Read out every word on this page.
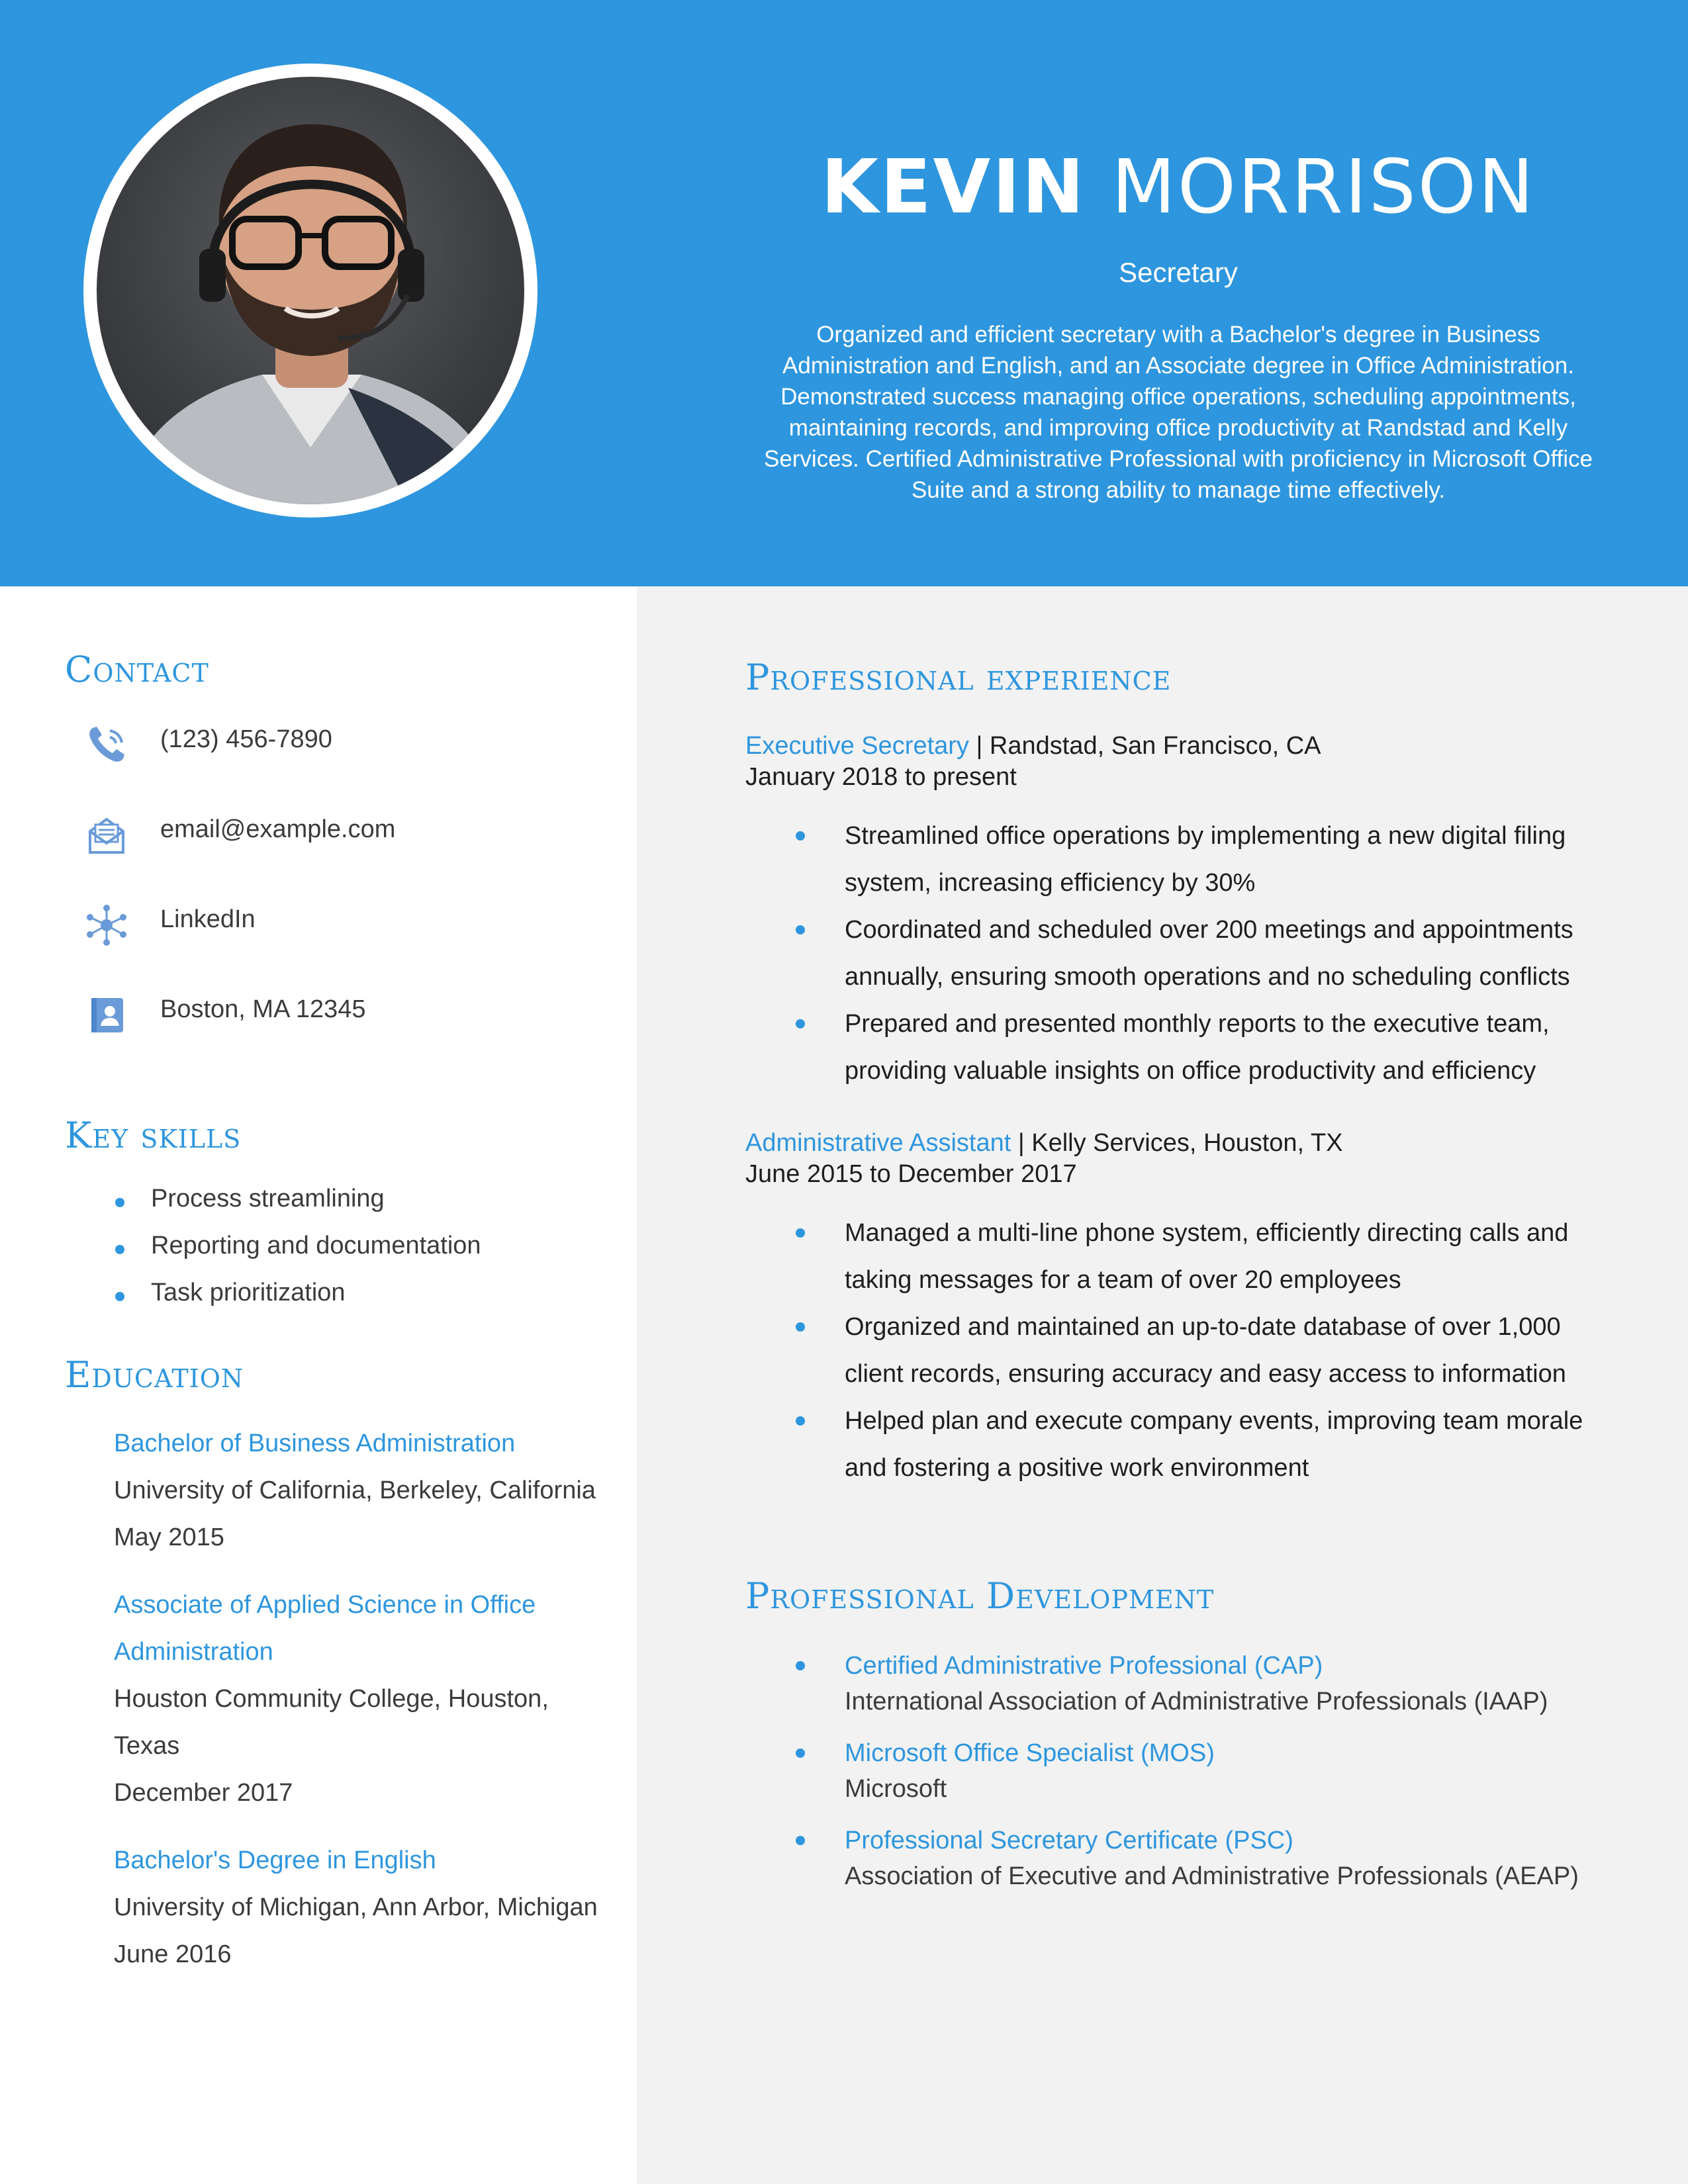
KEVIN MORRISON
Secretary
Organized and efficient secretary with a Bachelor's degree in Business Administration and English, and an Associate degree in Office Administration. Demonstrated success managing office operations, scheduling appointments, maintaining records, and improving office productivity at Randstad and Kelly Services. Certified Administrative Professional with proficiency in Microsoft Office Suite and a strong ability to manage time effectively.
Contact
(123) 456-7890
email@example.com
LinkedIn
Boston, MA 12345
Key skills
Process streamlining
Reporting and documentation
Task prioritization
Education
Bachelor of Business Administration
University of California, Berkeley, California
May 2015
Associate of Applied Science in Office
Administration
Houston Community College, Houston,
Texas
December 2017
Bachelor's Degree in English
University of Michigan, Ann Arbor, Michigan
June 2016
Professional experience
Executive Secretary | Randstad, San Francisco, CA
January 2018 to present
Streamlined office operations by implementing a new digital filing system, increasing efficiency by 30%
Coordinated and scheduled over 200 meetings and appointments annually, ensuring smooth operations and no scheduling conflicts
Prepared and presented monthly reports to the executive team, providing valuable insights on office productivity and efficiency
Administrative Assistant | Kelly Services, Houston, TX
June 2015 to December 2017
Managed a multi-line phone system, efficiently directing calls and taking messages for a team of over 20 employees
Organized and maintained an up-to-date database of over 1,000 client records, ensuring accuracy and easy access to information
Helped plan and execute company events, improving team morale and fostering a positive work environment
Professional Development
Certified Administrative Professional (CAP)
International Association of Administrative Professionals (IAAP)
Microsoft Office Specialist (MOS)
Microsoft
Professional Secretary Certificate (PSC)
Association of Executive and Administrative Professionals (AEAP)
